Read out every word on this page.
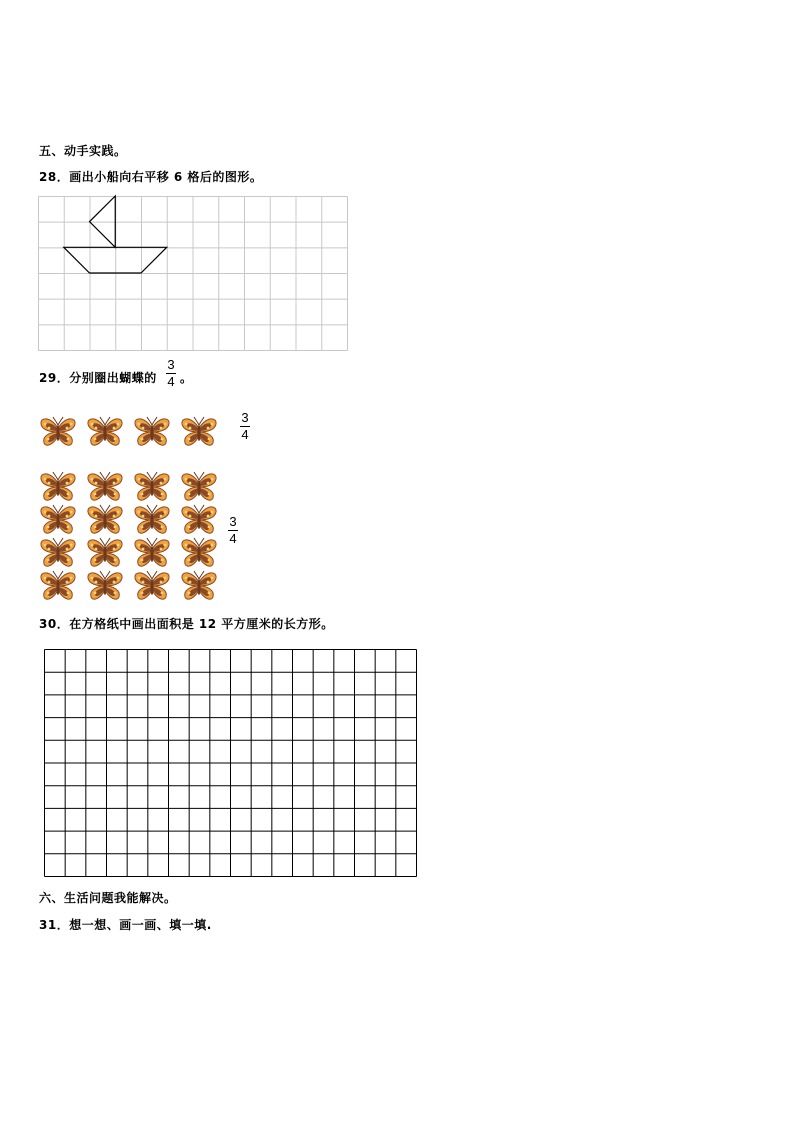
五、动手实践。
28．画出小船向右平移 6 格后的图形。
29．分别圈出蝴蝶的
3
4 。
3
4
3
4
30．在方格纸中画出面积是 12 平方厘米的长方形。
六、生活问题我能解决。
31．想一想、画一画、填一填.
